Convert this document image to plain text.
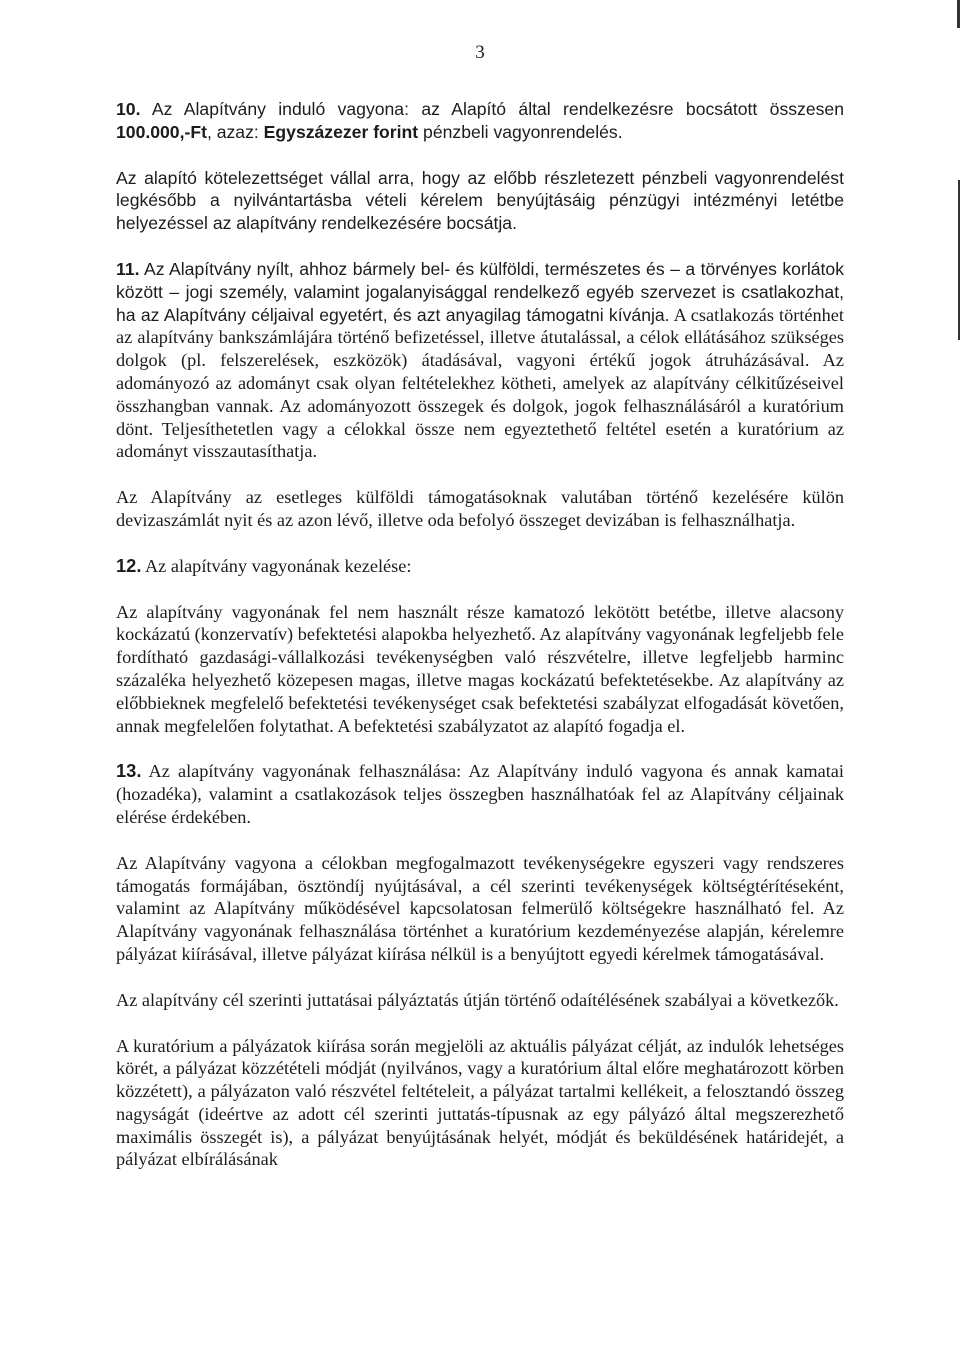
3

10. Az Alapítvány induló vagyona: az Alapító által rendelkezésre bocsátott összesen 100.000,-Ft, azaz: Egyszázezer forint pénzbeli vagyonrendelés.

Az alapító kötelezettséget vállal arra, hogy az előbb részletezett pénzbeli vagyonrendelést legkésőbb a nyilvántartásba vételi kérelem benyújtásáig pénzügyi intézményi letétbe helyezéssel az alapítvány rendelkezésére bocsátja.

11. Az Alapítvány nyílt, ahhoz bármely bel- és külföldi, természetes és – a törvényes korlátok között – jogi személy, valamint jogalanyisággal rendelkező egyéb szervezet is csatlakozhat, ha az Alapítvány céljaival egyetért, és azt anyagilag támogatni kívánja. A csatlakozás történhet az alapítvány bankszámlájára történő befizetéssel, illetve átutalással, a célok ellátásához szükséges dolgok (pl. felszerelések, eszközök) átadásával, vagyoni értékű jogok átruházásával. Az adományozó az adományt csak olyan feltételekhez kötheti, amelyek az alapítvány célkitűzéseivel összhangban vannak. Az adományozott összegek és dolgok, jogok felhasználásáról a kuratórium dönt. Teljesíthetetlen vagy a célokkal össze nem egyeztethető feltétel esetén a kuratórium az adományt visszautasíthatja.

Az Alapítvány az esetleges külföldi támogatásoknak valutában történő kezelésére külön devizaszámlát nyit és az azon lévő, illetve oda befolyó összeget devizában is felhasználhatja.

12. Az alapítvány vagyonának kezelése:

Az alapítvány vagyonának fel nem használt része kamatozó lekötött betétbe, illetve alacsony kockázatú (konzervatív) befektetési alapokba helyezhető. Az alapítvány vagyonának legfeljebb fele fordítható gazdasági-vállalkozási tevékenységben való részvételre, illetve legfeljebb harminc százaléka helyezhető közepesen magas, illetve magas kockázatú befektetésekbe. Az alapítvány az előbbieknek megfelelő befektetési tevékenységet csak befektetési szabályzat elfogadását követően, annak megfelelően folytathat. A befektetési szabályzatot az alapító fogadja el.

13. Az alapítvány vagyonának felhasználása: Az Alapítvány induló vagyona és annak kamatai (hozadéka), valamint a csatlakozások teljes összegben használhatóak fel az Alapítvány céljainak elérése érdekében.

Az Alapítvány vagyona a célokban megfogalmazott tevékenységekre egyszeri vagy rendszeres támogatás formájában, ösztöndíj nyújtásával, a cél szerinti tevékenységek költségtérítéseként, valamint az Alapítvány működésével kapcsolatosan felmerülő költségekre használható fel. Az Alapítvány vagyonának felhasználása történhet a kuratórium kezdeményezése alapján, kérelemre pályázat kiírásával, illetve pályázat kiírása nélkül is a benyújtott egyedi kérelmek támogatásával.

Az alapítvány cél szerinti juttatásai pályáztatás útján történő odaítélésének szabályai a következők.

A kuratórium a pályázatok kiírása során megjelöli az aktuális pályázat célját, az indulók lehetséges körét, a pályázat közzétételi módját (nyilvános, vagy a kuratórium által előre meghatározott körben közzétett), a pályázaton való részvétel feltételeit, a pályázat tartalmi kellékeit, a felosztandó összeg nagyságát (ideértve az adott cél szerinti juttatás-típusnak az egy pályázó által megszerezhető maximális összegét is), a pályázat benyújtásának helyét, módját és beküldésének határidejét, a pályázat elbírálásának
